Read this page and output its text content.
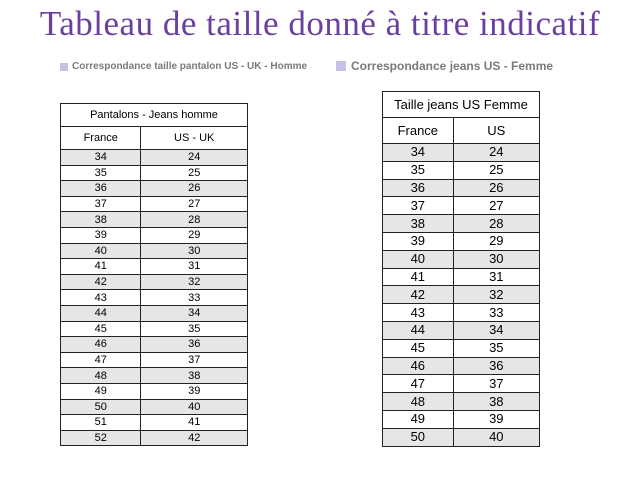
Tableau de taille donné à titre indicatif
Correspondance taille pantalon US - UK - Homme	Correspondance jeans US - Femme
Pantalons - Jeans homme	
France	US - UK
34	24
35	25
36	26
37	27
38	28
39	29
40	30
41	31
42	32
43	33
44	34
45	35
46	36
47	37
48	38
49	39
50	40
51	41
52	42
Taille jeans US Femme	
France	US
34	24
35	25
36	26
37	27
38	28
39	29
40	30
41	31
42	32
43	33
44	34
45	35
46	36
47	37
48	38
49	39
50	40
